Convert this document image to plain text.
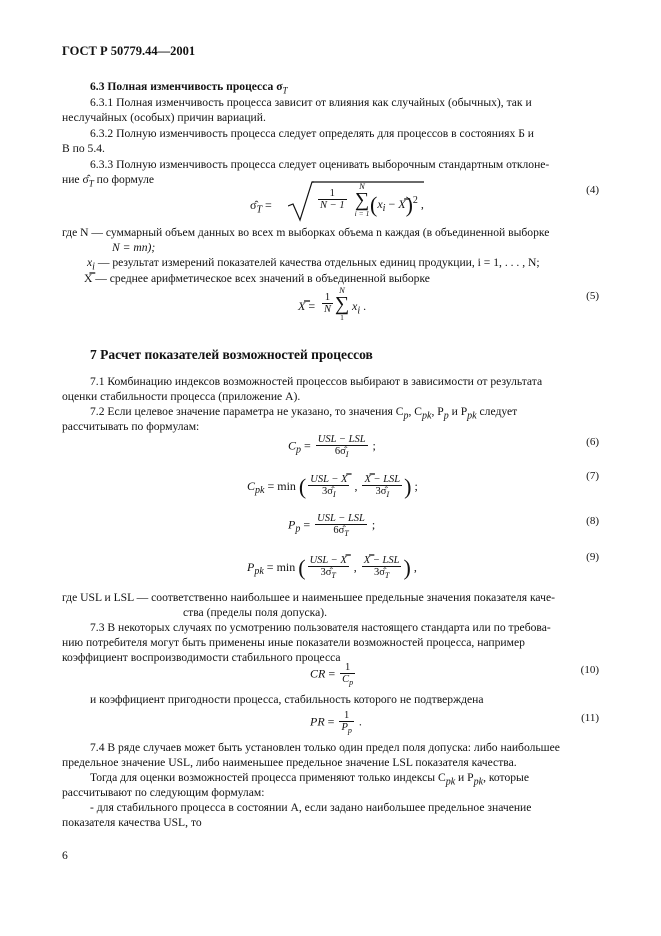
ГОСТ Р 50779.44—2001
6.3 Полная изменчивость процесса $\sigma_T$
6.3.1 Полная изменчивость процесса зависит от влияния как случайных (обычных), так и
неслучайных (особых) причин вариаций.
6.3.2 Полную изменчивость процесса следует определять для процессов в состояниях Б и
В по 5.4.
6.3.3 Полную изменчивость процесса следует оценивать выборочным стандартным отклоне-
ние $\sigmâ_T$ по формуле
$\sigmâ_T$ =	$\frac{1}{N - 1}$
N
∑
i = 1 ($x_i$ − X̿)$^2$ ,
(4)
где N — суммарный объем данных во всех m выборках объема n каждая (в объединенной выборке
N = mn);
$x_i$ — результат измерений показателей качества отдельных единиц продукции, i = 1, . . . , N;
X̿ — среднее арифметическое всех значений в объединенной выборке
X̿ = $\frac{1}{N}$
N
∑
1
$x_i$ .
(5)
7 Расчет показателей возможностей процессов
7.1 Комбинацию индексов возможностей процессов выбирают в зависимости от результата
оценки стабильности процесса (приложение А).
7.2 Если целевое значение параметра не указано, то значения $C_p$, $C_{pk}$, $P_p$ и $P_{pk}$ следует
рассчитывать по формулам:
$C_p = \frac{\text{USL − LSL}}{6\sigmâ_I}$ ;	(6)
$C_{pk} = \min$ ( $\frac{\text{USL − X̿}}{3\sigmâ_I}$ , $\frac{\text{X̿ − LSL}}{3\sigmâ_I}$ ) ;
(7)
$P_p = \frac{\text{USL − LSL}}{6\sigmâ_T}$ ;	(8)
$P_{pk} = \min$ ( $\frac{\text{USL − X̿}}{3\sigmâ_T}$ , $\frac{\text{X̿ − LSL}}{3\sigmâ_T}$ ) ,
(9)
где USL и LSL — соответственно наибольшее и наименьшее предельные значения показателя каче-
ства (пределы поля допуска).
7.3 В некоторых случаях по усмотрению пользователя настоящего стандарта или по требова-
нию потребителя могут быть применены иные показатели возможностей процесса, например
коэффициент воспроизводимости стабильного процесса
CR = $\frac{1}{C_p}$	(10)
и коэффициент пригодности процесса, стабильность которого не подтверждена
PR = $\frac{1}{P_p}$ .	(11)
7.4 В ряде случаев может быть установлен только один предел поля допуска: либо наибольшее
предельное значение USL, либо наименьшее предельное значение LSL показателя качества.
Тогда для оценки возможностей процесса применяют только индексы $C_{pk}$ и $P_{pk}$, которые
рассчитывают по следующим формулам:
- для стабильного процесса в состоянии А, если задано наибольшее предельное значение
показателя качества USL, то
6
